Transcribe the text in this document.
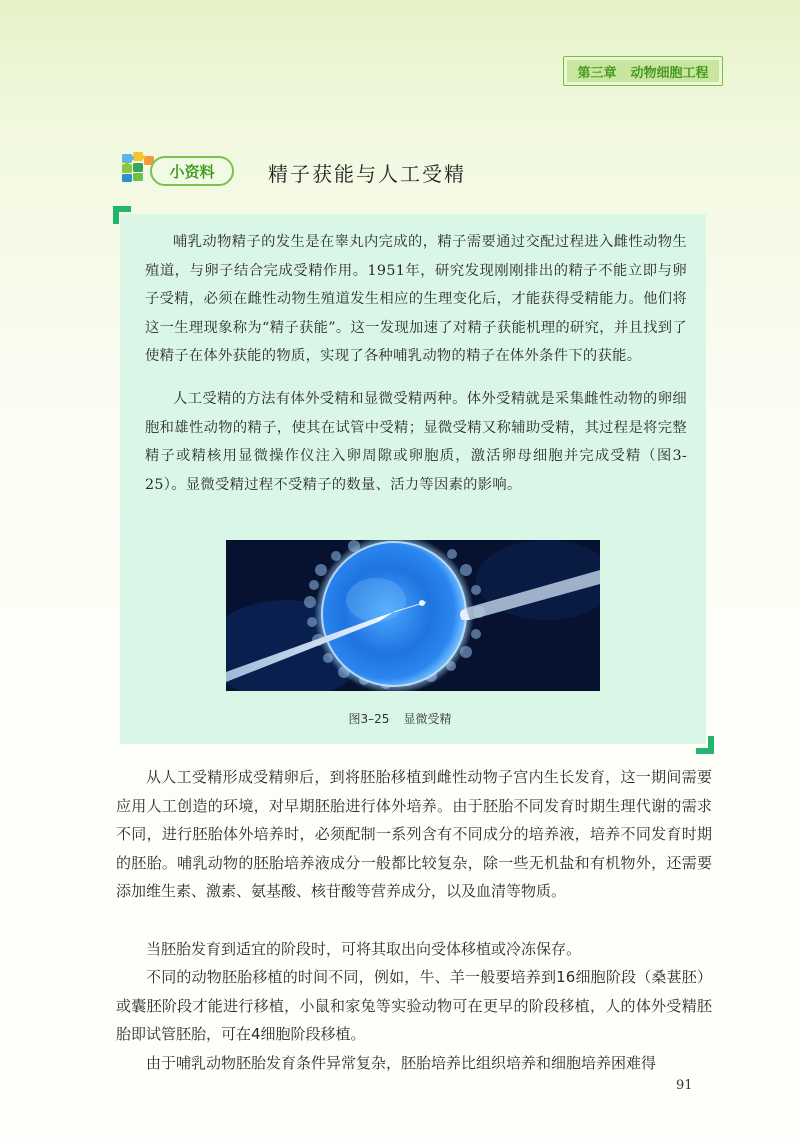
第三章 动物细胞工程
小资料	精子获能与人工受精

哺乳动物精子的发生是在睾丸内完成的，精子需要通过交配过程进入雌性动物生殖道，与卵子结合完成受精作用。1951年，研究发现刚刚排出的精子不能立即与卵子受精，必须在雌性动物生殖道发生相应的生理变化后，才能获得受精能力。他们将这一生理现象称为“精子获能”。这一发现加速了对精子获能机理的研究，并且找到了使精子在体外获能的物质，实现了各种哺乳动物的精子在体外条件下的获能。

人工受精的方法有体外受精和显微受精两种。体外受精就是采集雌性动物的卵细胞和雄性动物的精子，使其在试管中受精；显微受精又称辅助受精，其过程是将完整精子或精核用显微操作仪注入卵周隙或卵胞质，激活卵母细胞并完成受精（图3-25）。显微受精过程不受精子的数量、活力等因素的影响。

图3–25 显微受精

从人工受精形成受精卵后，到将胚胎移植到雌性动物子宫内生长发育，这一期间需要应用人工创造的环境，对早期胚胎进行体外培养。由于胚胎不同发育时期生理代谢的需求不同，进行胚胎体外培养时，必须配制一系列含有不同成分的培养液，培养不同发育时期的胚胎。哺乳动物的胚胎培养液成分一般都比较复杂，除一些无机盐和有机物外，还需要添加维生素、激素、氨基酸、核苷酸等营养成分，以及血清等物质。

当胚胎发育到适宜的阶段时，可将其取出向受体移植或冷冻保存。

不同的动物胚胎移植的时间不同，例如，牛、羊一般要培养到16细胞阶段（桑葚胚）或囊胚阶段才能进行移植，小鼠和家兔等实验动物可在更早的阶段移植，人的体外受精胚胎即试管胚胎，可在4细胞阶段移植。

由于哺乳动物胚胎发育条件异常复杂，胚胎培养比组织培养和细胞培养困难得

91
